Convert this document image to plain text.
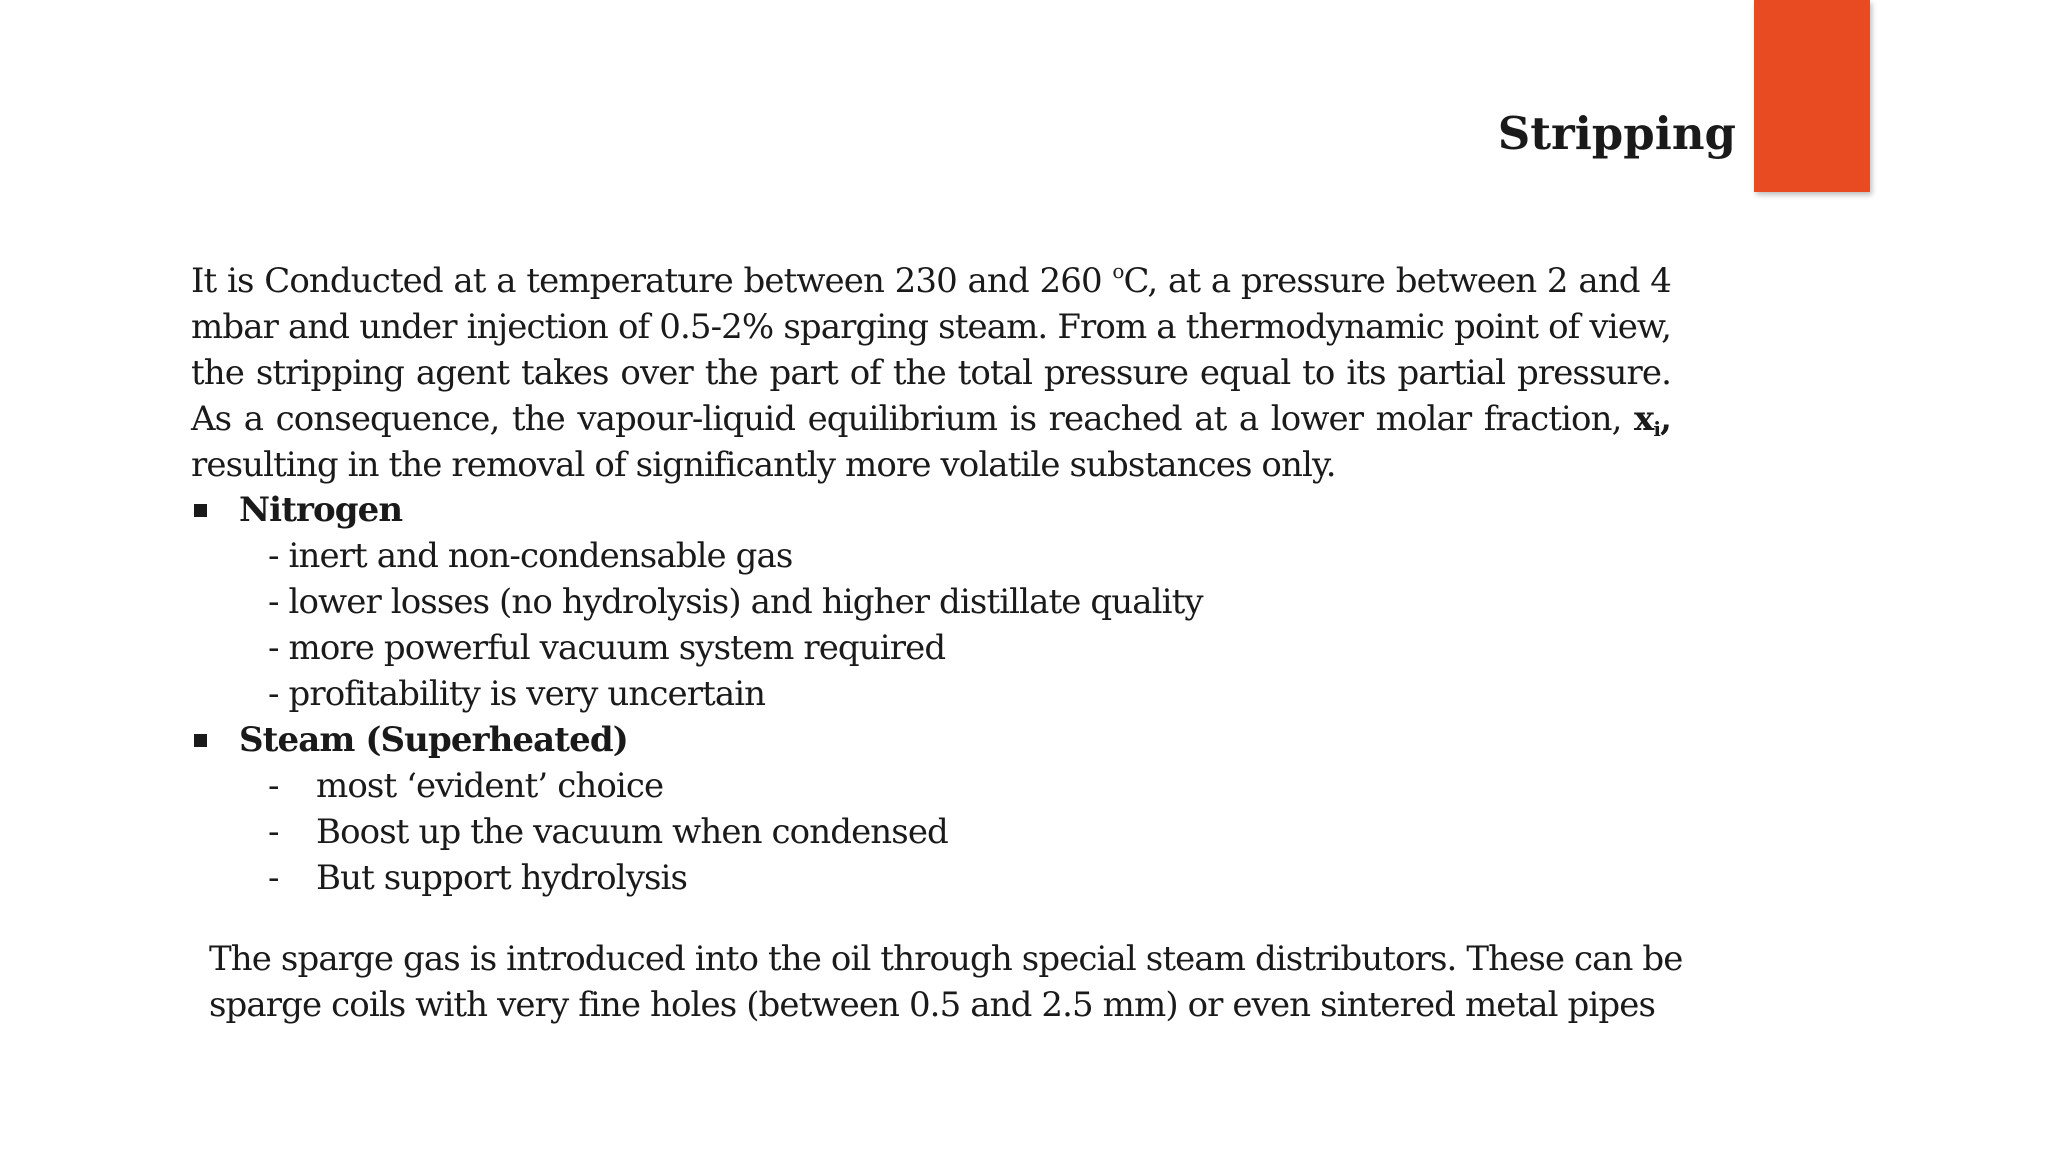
Stripping
It is Conducted at a temperature between 230 and 260 $^o$C, at a pressure between 2 and 4 mbar and under injection of 0.5-2% sparging steam. From a thermodynamic point of view, the stripping agent takes over the part of the total pressure equal to its partial pressure. As a consequence, the vapour-liquid equilibrium is reached at a lower molar fraction, $x_i$, resulting in the removal of significantly more volatile substances only.
Nitrogen
- inert and non-condensable gas
- lower losses (no hydrolysis) and higher distillate quality
- more powerful vacuum system required
- profitability is very uncertain
Steam (Superheated)
-	most ‘evident’ choice
-	Boost up the vacuum when condensed
-	But support hydrolysis

The sparge gas is introduced into the oil through special steam distributors. These can be

sparge coils with very fine holes (between 0.5 and 2.5 mm) or even sintered metal pipes
